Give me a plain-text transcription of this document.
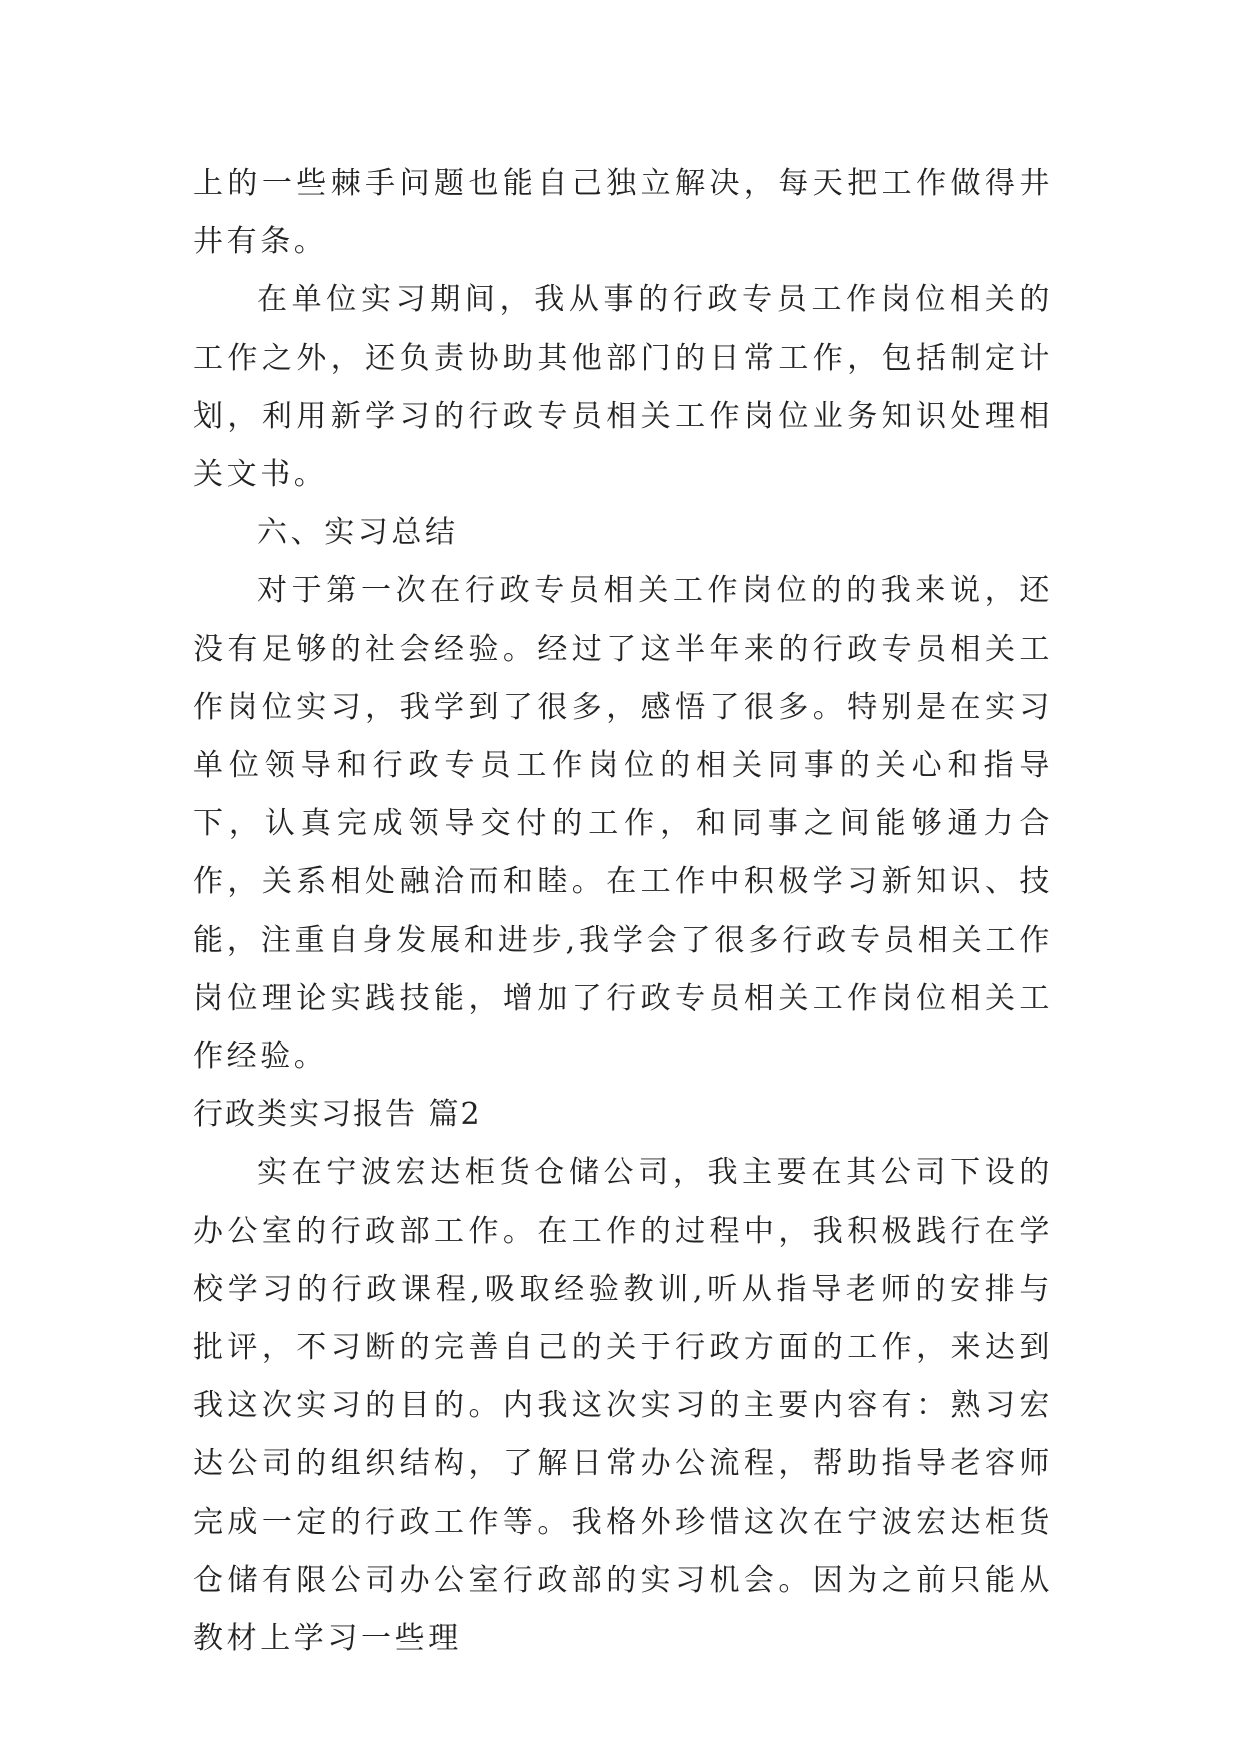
上的一些棘手问题也能自己独立解决，每天把工作做得井井有条。

在单位实习期间，我从事的行政专员工作岗位相关的工作之外，还负责协助其他部门的日常工作，包括制定计划，利用新学习的行政专员相关工作岗位业务知识处理相关文书。

六、实习总结

对于第一次在行政专员相关工作岗位的的我来说，还没有足够的社会经验。经过了这半年来的行政专员相关工作岗位实习，我学到了很多，感悟了很多。特别是在实习单位领导和行政专员工作岗位的相关同事的关心和指导下，认真完成领导交付的工作，和同事之间能够通力合作，关系相处融洽而和睦。在工作中积极学习新知识、技能，注重自身发展和进步,我学会了很多行政专员相关工作岗位理论实践技能，增加了行政专员相关工作岗位相关工作经验。

行政类实习报告 篇2

实在宁波宏达柜货仓储公司，我主要在其公司下设的办公室的行政部工作。在工作的过程中，我积极践行在学校学习的行政课程,吸取经验教训,听从指导老师的安排与批评，不习断的完善自己的关于行政方面的工作，来达到我这次实习的目的。内我这次实习的主要内容有：熟习宏达公司的组织结构，了解日常办公流程，帮助指导老容师完成一定的行政工作等。我格外珍惜这次在宁波宏达柜货仓储有限公司办公室行政部的实习机会。因为之前只能从教材上学习一些理
